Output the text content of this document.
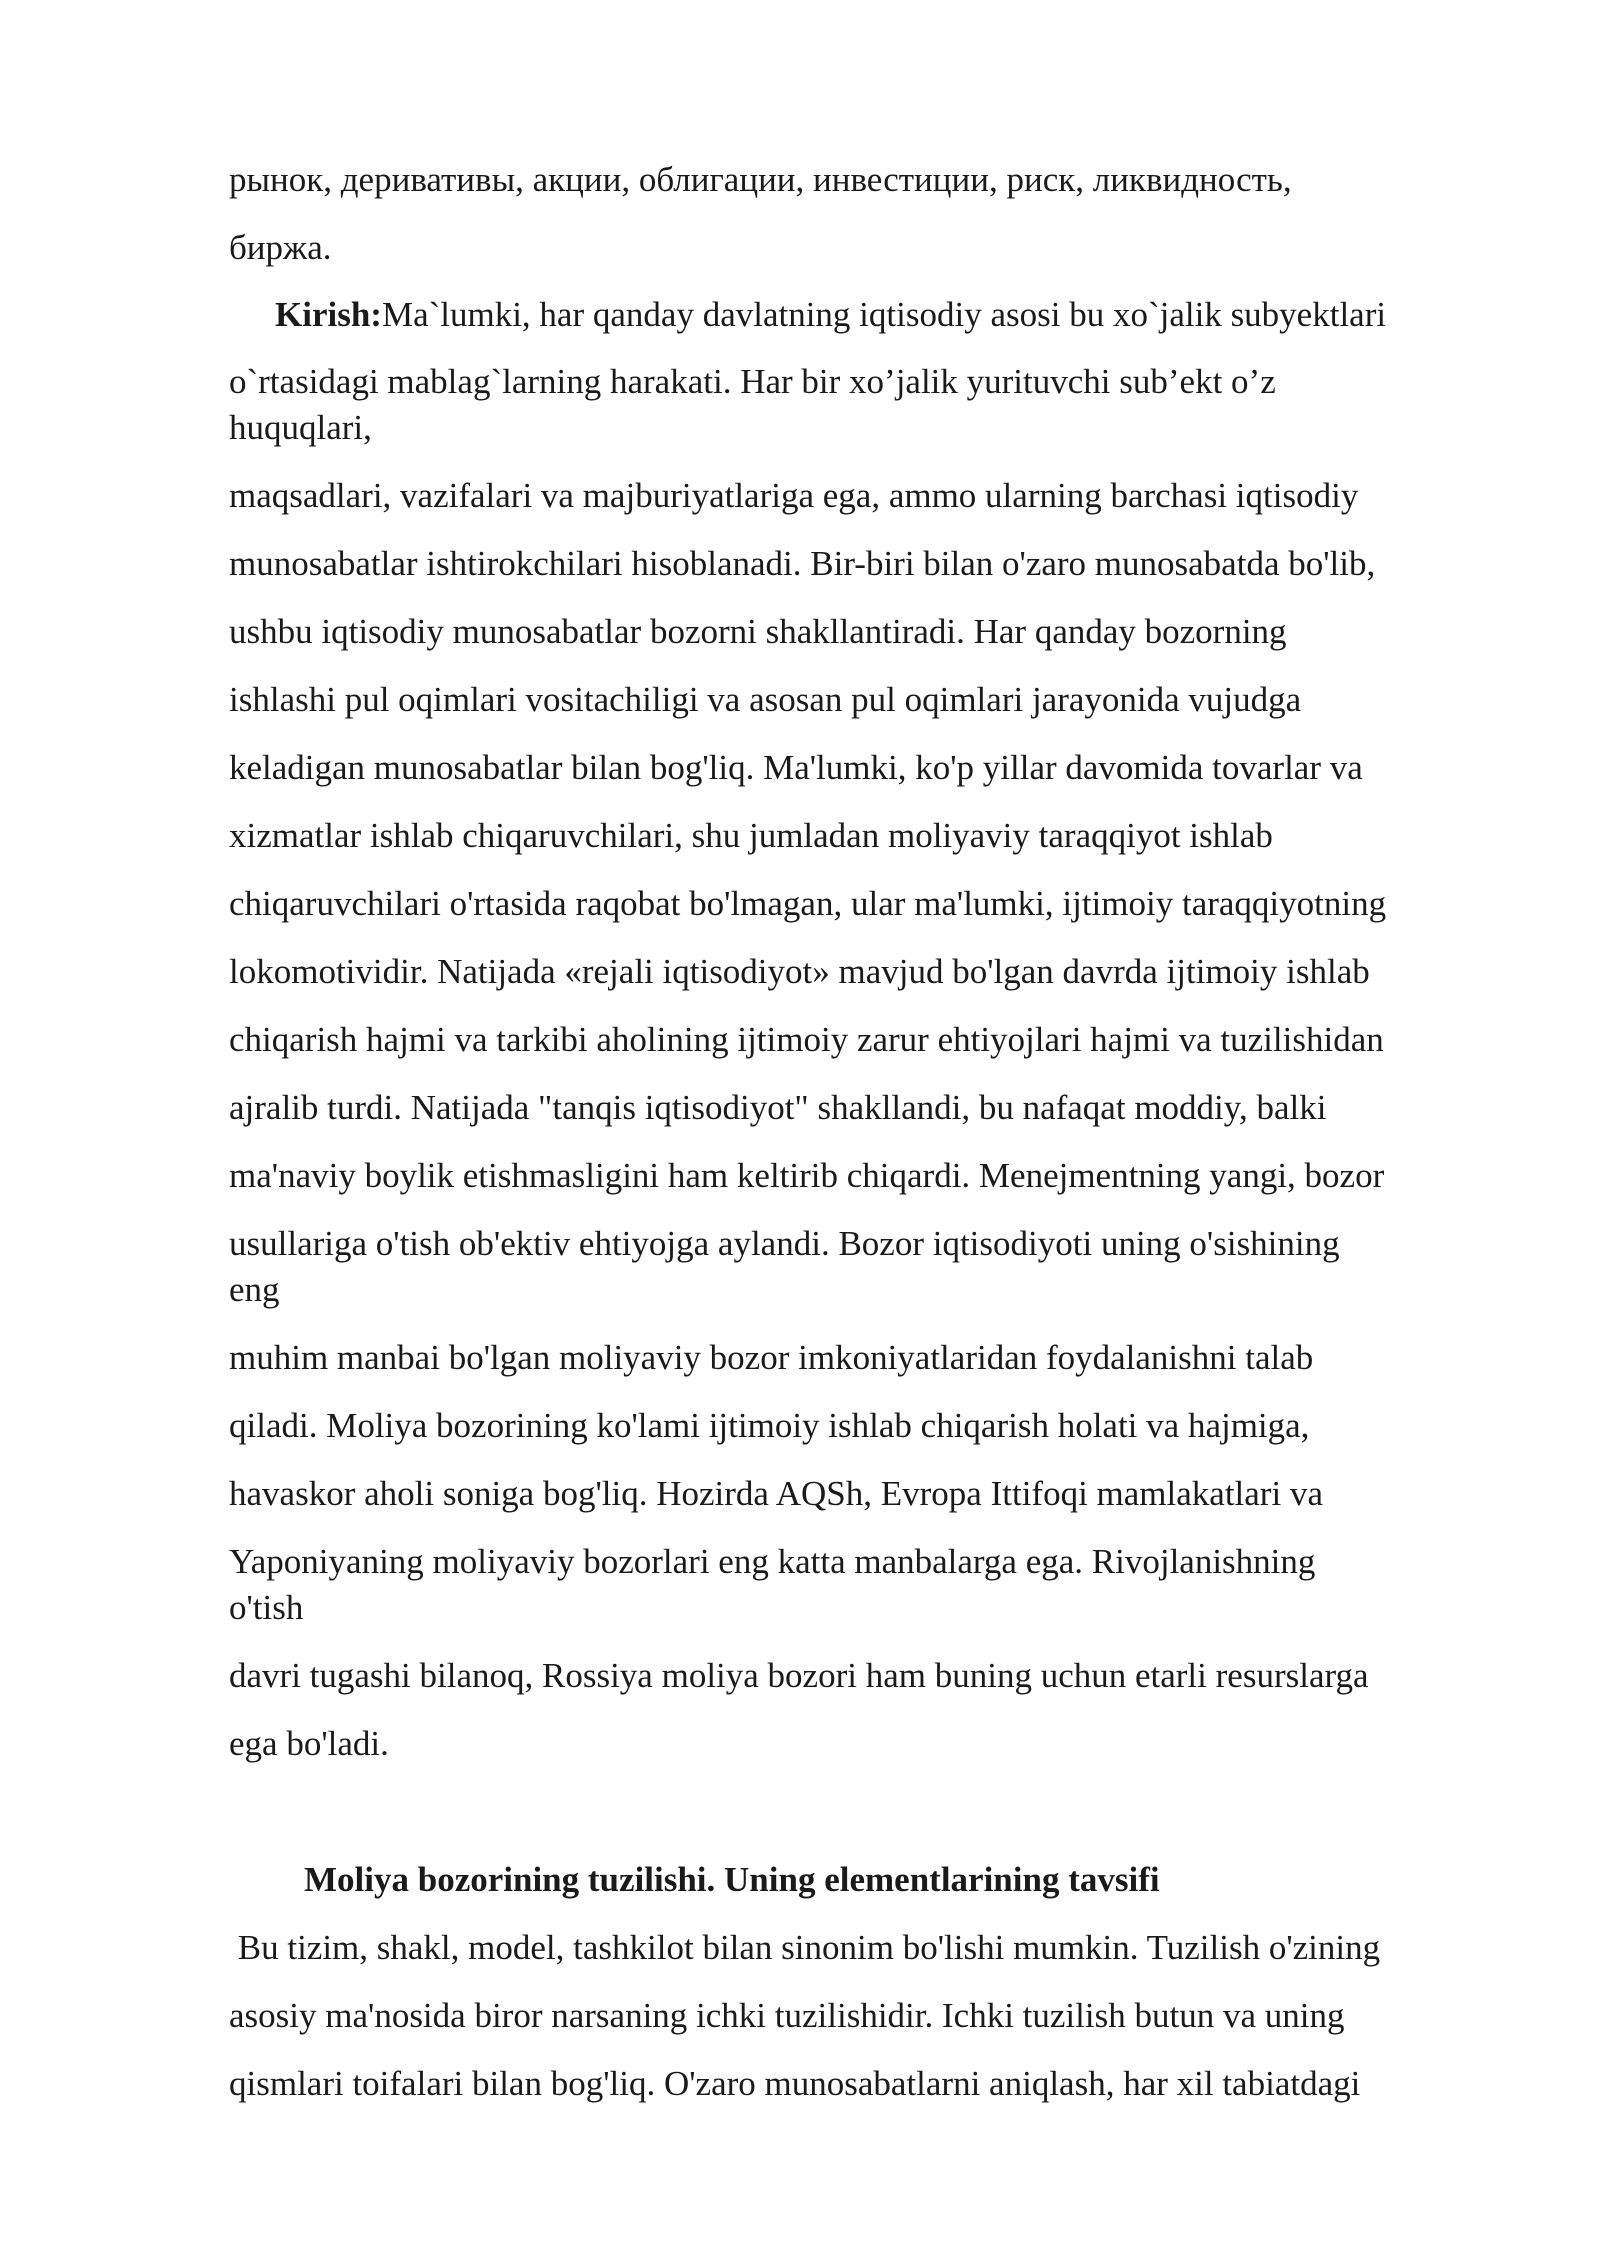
рынок, деривативы, акции, облигации, инвестиции, риск, ликвидность,
биржа.
Kirish:Ma`lumki, har qanday davlatning iqtisodiy asosi bu xo`jalik subyektlari
o`rtasidagi mablag`larning harakati. Har bir xo’jalik yurituvchi sub’ekt o’z
huquqlari,
maqsadlari, vazifalari va majburiyatlariga ega, ammo ularning barchasi iqtisodiy
munosabatlar ishtirokchilari hisoblanadi. Bir-biri bilan o'zaro munosabatda bo'lib,
ushbu iqtisodiy munosabatlar bozorni shakllantiradi. Har qanday bozorning
ishlashi pul oqimlari vositachiligi va asosan pul oqimlari jarayonida vujudga
keladigan munosabatlar bilan bog'liq. Ma'lumki, ko'p yillar davomida tovarlar va
xizmatlar ishlab chiqaruvchilari, shu jumladan moliyaviy taraqqiyot ishlab
chiqaruvchilari o'rtasida raqobat bo'lmagan, ular ma'lumki, ijtimoiy taraqqiyotning
lokomotividir. Natijada «rejali iqtisodiyot» mavjud bo'lgan davrda ijtimoiy ishlab
chiqarish hajmi va tarkibi aholining ijtimoiy zarur ehtiyojlari hajmi va tuzilishidan
ajralib turdi. Natijada "tanqis iqtisodiyot" shakllandi, bu nafaqat moddiy, balki
ma'naviy boylik etishmasligini ham keltirib chiqardi. Menejmentning yangi, bozor
usullariga o'tish ob'ektiv ehtiyojga aylandi. Bozor iqtisodiyoti uning o'sishining
eng
muhim manbai bo'lgan moliyaviy bozor imkoniyatlaridan foydalanishni talab
qiladi. Moliya bozorining ko'lami ijtimoiy ishlab chiqarish holati va hajmiga,
havaskor aholi soniga bog'liq. Hozirda AQSh, Evropa Ittifoqi mamlakatlari va
Yaponiyaning moliyaviy bozorlari eng katta manbalarga ega. Rivojlanishning
o'tish
davri tugashi bilanoq, Rossiya moliya bozori ham buning uchun etarli resurslarga
ega bo'ladi.
Moliya bozorining tuzilishi. Uning elementlarining tavsifi
Bu tizim, shakl, model, tashkilot bilan sinonim bo'lishi mumkin. Tuzilish o'zining
asosiy ma'nosida biror narsaning ichki tuzilishidir. Ichki tuzilish butun va uning
qismlari toifalari bilan bog'liq. O'zaro munosabatlarni aniqlash, har xil tabiatdagi
